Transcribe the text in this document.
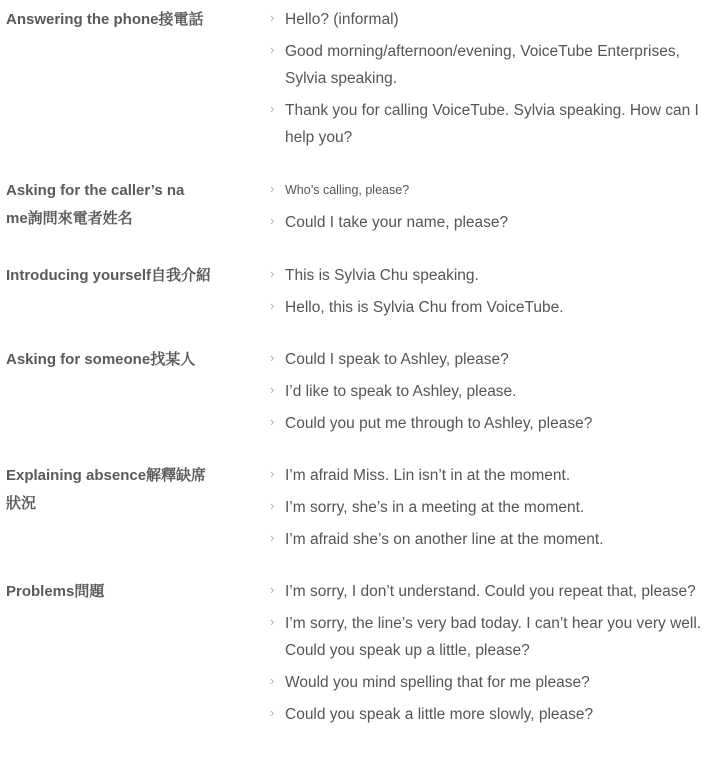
Answering the phone接電話	› Hello? (informal)
› Good morning/afternoon/evening, VoiceTube Enterprises, Sylvia speaking.
› Thank you for calling VoiceTube. Sylvia speaking. How can I help you?
Asking for the caller’s name詢問來電者姓名
› Who’s calling, please?
› Could I take your name, please?
Introducing yourself自我介紹	› This is Sylvia Chu speaking.
› Hello, this is Sylvia Chu from VoiceTube.
Asking for someone找某人	› Could I speak to Ashley, please?
› I’d like to speak to Ashley, please.
› Could you put me through to Ashley, please?
Explaining absence解釋缺席狀況
› I’m afraid Miss. Lin isn’t in at the moment.
› I’m sorry, she’s in a meeting at the moment.
› I’m afraid she’s on another line at the moment.
Problems問題	› I’m sorry, I don’t understand. Could you repeat that, please?
› I’m sorry, the line’s very bad today. I can’t hear you very well. Could you speak up a little, please?
› Would you mind spelling that for me please?
› Could you speak a little more slowly, please?
